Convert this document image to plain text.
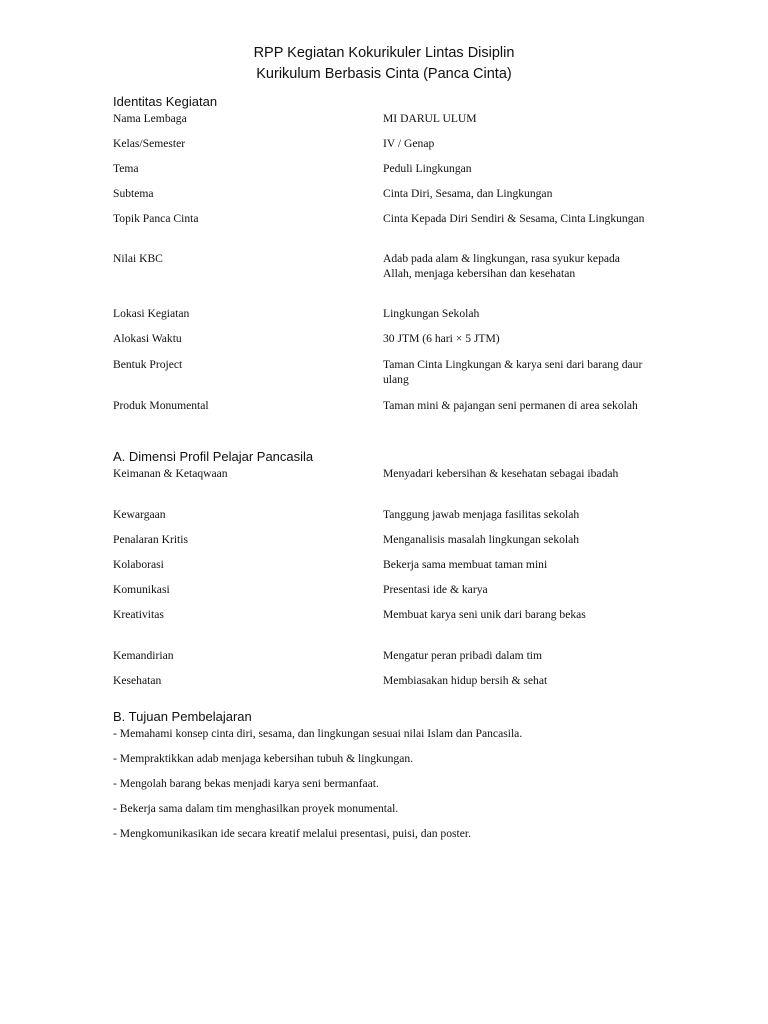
RPP Kegiatan Kokurikuler Lintas Disiplin
Kurikulum Berbasis Cinta (Panca Cinta)
Identitas Kegiatan
Nama Lembaga	MI DARUL ULUM
Kelas/Semester	IV / Genap
Tema	Peduli Lingkungan
Subtema	Cinta Diri, Sesama, dan Lingkungan
Topik Panca Cinta	Cinta Kepada Diri Sendiri & Sesama, Cinta Lingkungan
Nilai KBC	Adab pada alam & lingkungan, rasa syukur kepada Allah, menjaga kebersihan dan kesehatan
Lokasi Kegiatan	Lingkungan Sekolah
Alokasi Waktu	30 JTM (6 hari × 5 JTM)
Bentuk Project	Taman Cinta Lingkungan & karya seni dari barang daur ulang
Produk Monumental	Taman mini & pajangan seni permanen di area sekolah
A. Dimensi Profil Pelajar Pancasila
Keimanan & Ketaqwaan	Menyadari kebersihan & kesehatan sebagai ibadah
Kewargaan	Tanggung jawab menjaga fasilitas sekolah
Penalaran Kritis	Menganalisis masalah lingkungan sekolah
Kolaborasi	Bekerja sama membuat taman mini
Komunikasi	Presentasi ide & karya
Kreativitas	Membuat karya seni unik dari barang bekas
Kemandirian	Mengatur peran pribadi dalam tim
Kesehatan	Membiasakan hidup bersih & sehat
B. Tujuan Pembelajaran
- Memahami konsep cinta diri, sesama, dan lingkungan sesuai nilai Islam dan Pancasila.
- Mempraktikkan adab menjaga kebersihan tubuh & lingkungan.
- Mengolah barang bekas menjadi karya seni bermanfaat.
- Bekerja sama dalam tim menghasilkan proyek monumental.
- Mengkomunikasikan ide secara kreatif melalui presentasi, puisi, dan poster.
